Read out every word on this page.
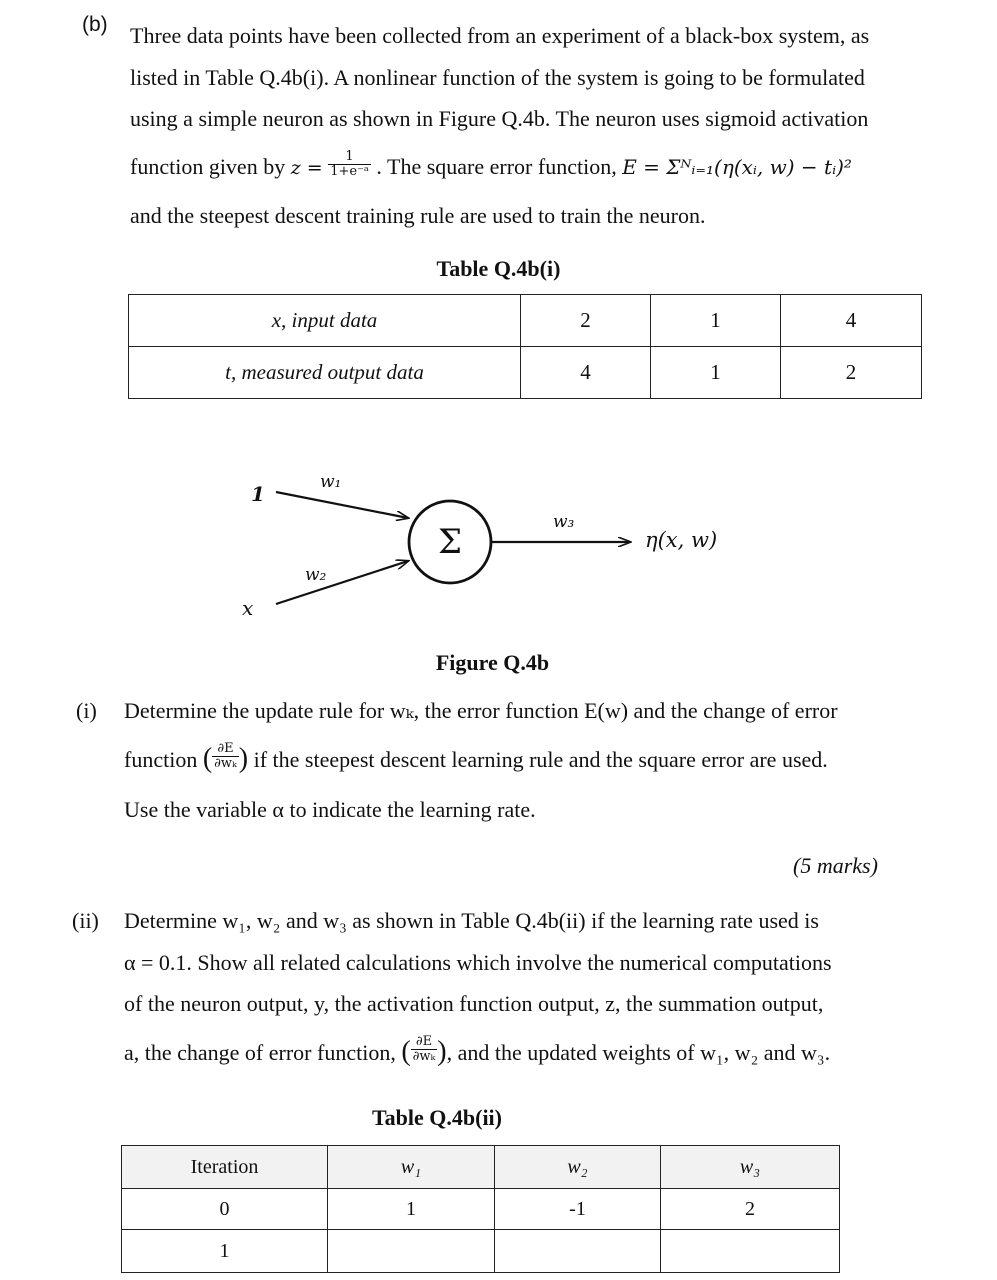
(b) Three data points have been collected from an experiment of a black-box system, as
listed in Table Q.4b(i). A nonlinear function of the system is going to be formulated
using a simple neuron as shown in Figure Q.4b. The neuron uses sigmoid activation
function given by $z = \frac{1}{\text{1+e⁻ᵃ}}$ . The square error function, E = Σᴺᵢ₌₁(η(xᵢ, w) − tᵢ)²
and the steepest descent training rule are used to train the neuron.
Table Q.4b(i)
x, input data	2	1	4
t, measured output data	4	1	2
1
x
w₁
w₂
w₃
Σ	η(x, w)
Figure Q.4b
(i) Determine the update rule for wₖ, the error function E(w) and the change of error
function ( $\frac{\partial E}{\text{∂wₖ}}$ ) if the steepest descent learning rule and the square error are used.
Use the variable α to indicate the learning rate.
(5 marks)
(ii) Determine w₁, w₂ and w₃ as shown in Table Q.4b(ii) if the learning rate used is
α = 0.1. Show all related calculations which involve the numerical computations
of the neuron output, y, the activation function output, z, the summation output,
a, the change of error function, ( $\frac{\partial E}{\text{∂wₖ}}$ ), and the updated weights of w₁, w₂ and w₃.
Table Q.4b(ii)
Iteration	w₁	w₂	w₃
0	1	-1	2
1			
